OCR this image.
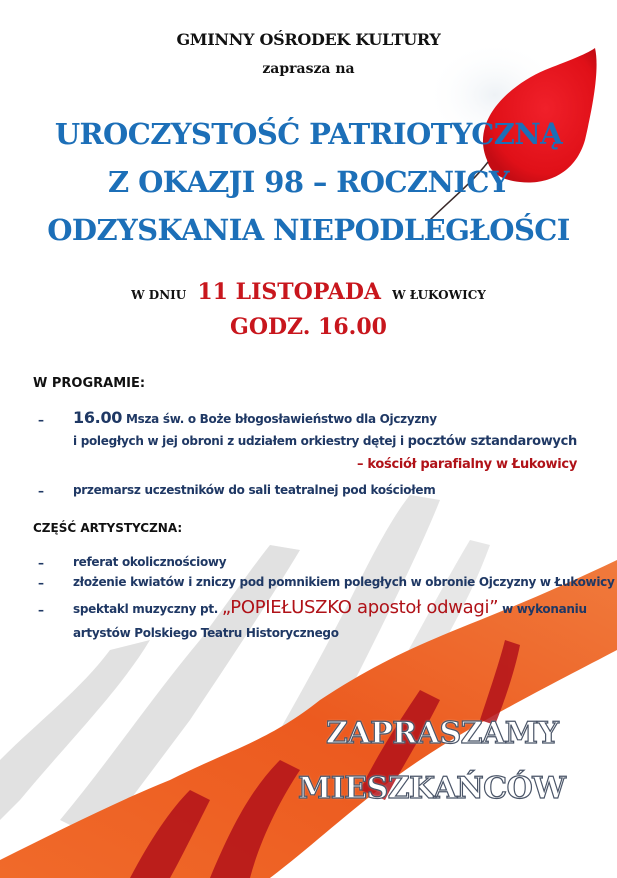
GMINNY OŚRODEK KULTURY
zaprasza na
UROCZYSTOŚĆ PATRIOTYCZNĄ
Z OKAZJI 98 – ROCZNICY
ODZYSKANIA NIEPODLEGŁOŚCI
W DNIU 11 LISTOPADA W ŁUKOWICY
GODZ. 16.00
W PROGRAMIE:
– 16.00 Msza św. o Boże błogosławieństwo dla Ojczyzny
i poległych w jej obroni z udziałem orkiestry dętej i pocztów sztandarowych
– kościół parafialny w Łukowicy
– przemarsz uczestników do sali teatralnej pod kościołem
CZĘŚĆ ARTYSTYCZNA:
– referat okolicznościowy
– złożenie kwiatów i zniczy pod pomnikiem poległych w obronie Ojczyzny w Łukowicy
– spektakl muzyczny pt. „POPIEŁUSZKO apostoł odwagi” w wykonaniu
artystów Polskiego Teatru Historycznego
ZAPRASZAMY
MIESZKAŃCÓW
